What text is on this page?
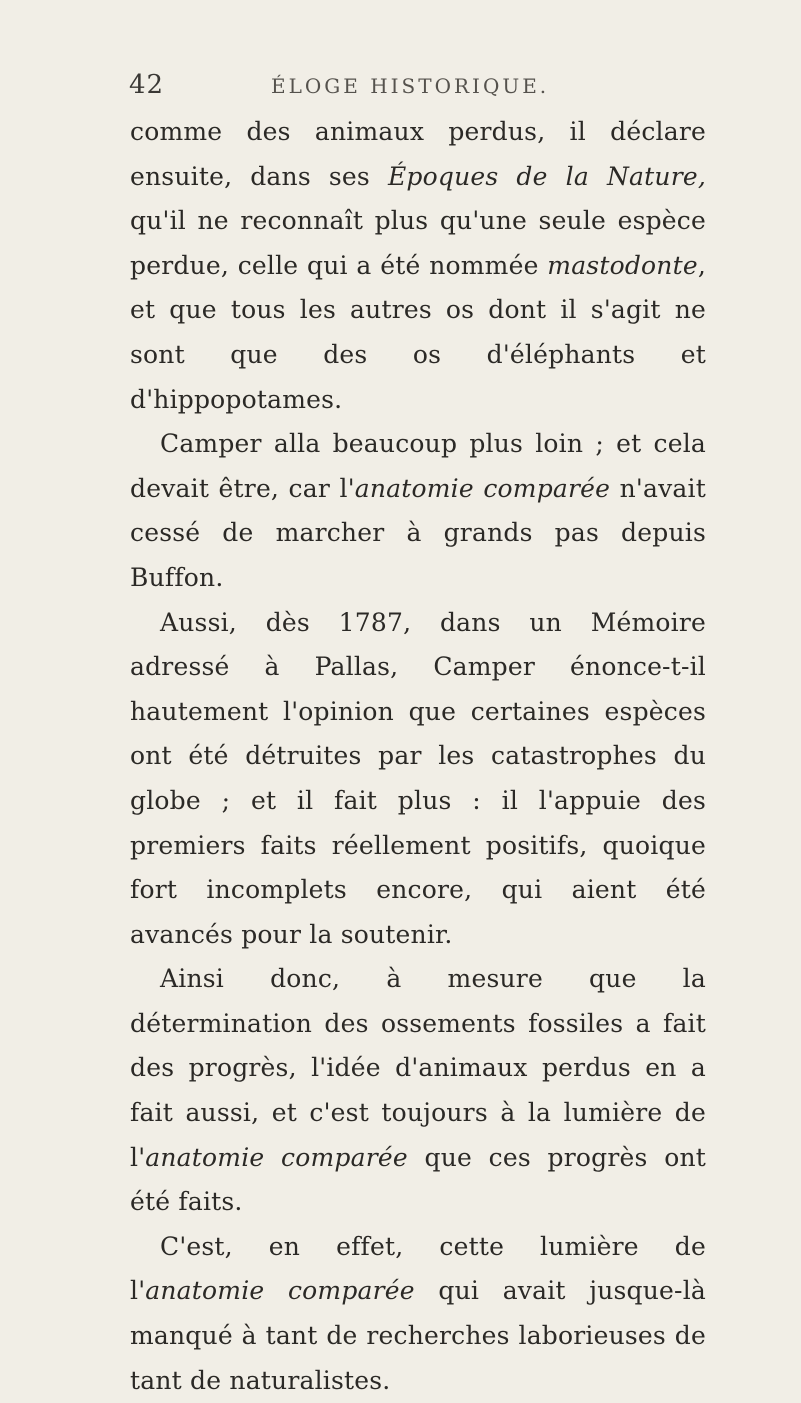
42	ÉLOGE HISTORIQUE.

comme des animaux perdus, il déclare ensuite, dans ses Époques de la Nature, qu'il ne reconnaît plus qu'une seule espèce perdue, celle qui a été nommée mastodonte, et que tous les autres os dont il s'agit ne sont que des os d'éléphants et d'hippopotames.

Camper alla beaucoup plus loin ; et cela devait être, car l'anatomie comparée n'avait cessé de marcher à grands pas depuis Buffon.

Aussi, dès 1787, dans un Mémoire adressé à Pallas, Camper énonce-t-il hautement l'opinion que certaines espèces ont été détruites par les catastrophes du globe ; et il fait plus : il l'appuie des premiers faits réellement positifs, quoique fort incomplets encore, qui aient été avancés pour la soutenir.

Ainsi donc, à mesure que la détermination des ossements fossiles a fait des progrès, l'idée d'animaux perdus en a fait aussi, et c'est toujours à la lumière de l'anatomie comparée que ces progrès ont été faits.

C'est, en effet, cette lumière de l'anatomie comparée qui avait jusque-là manqué à tant de recherches laborieuses de tant de naturalistes.
